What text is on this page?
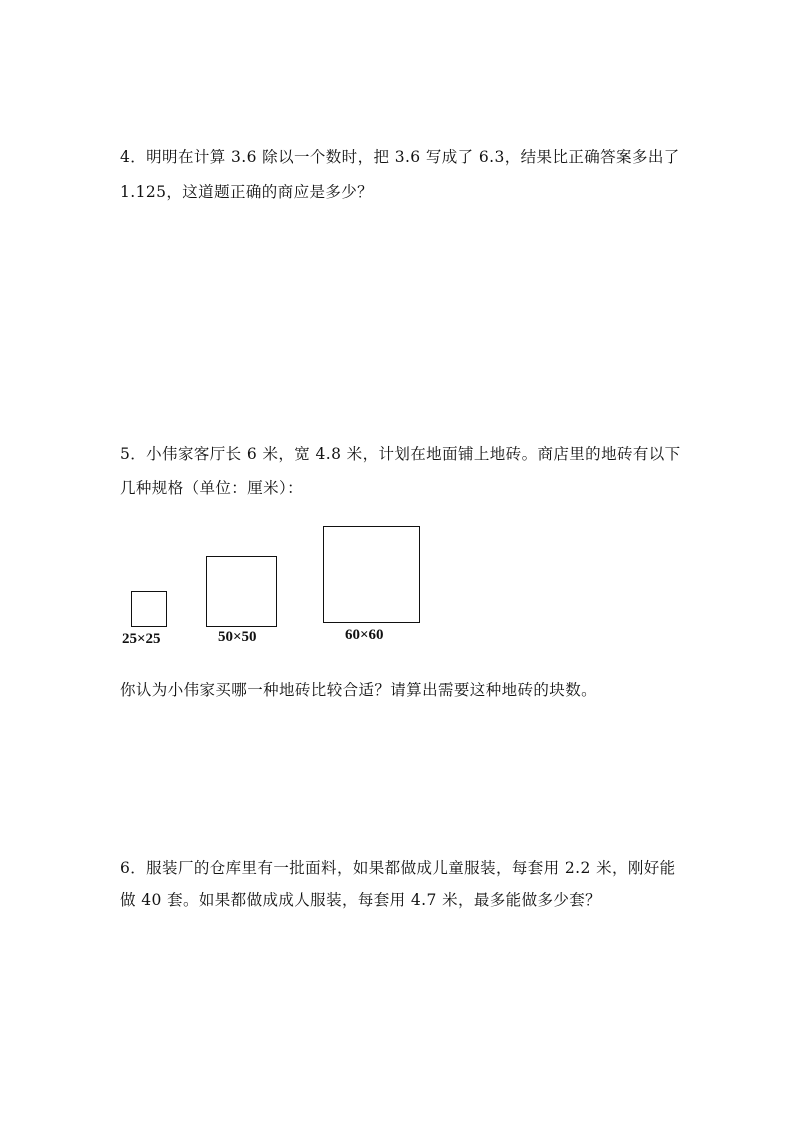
4．明明在计算 3.6 除以一个数时，把 3.6 写成了 6.3，结果比正确答案多出了
1.125，这道题正确的商应是多少？
5．小伟家客厅长 6 米，宽 4.8 米，计划在地面铺上地砖。商店里的地砖有以下
几种规格（单位：厘米）：
25×25	50×50	60×60
你认为小伟家买哪一种地砖比较合适？请算出需要这种地砖的块数。
6．服装厂的仓库里有一批面料，如果都做成儿童服装，每套用 2.2 米，刚好能
做 40 套。如果都做成成人服装，每套用 4.7 米，最多能做多少套？
